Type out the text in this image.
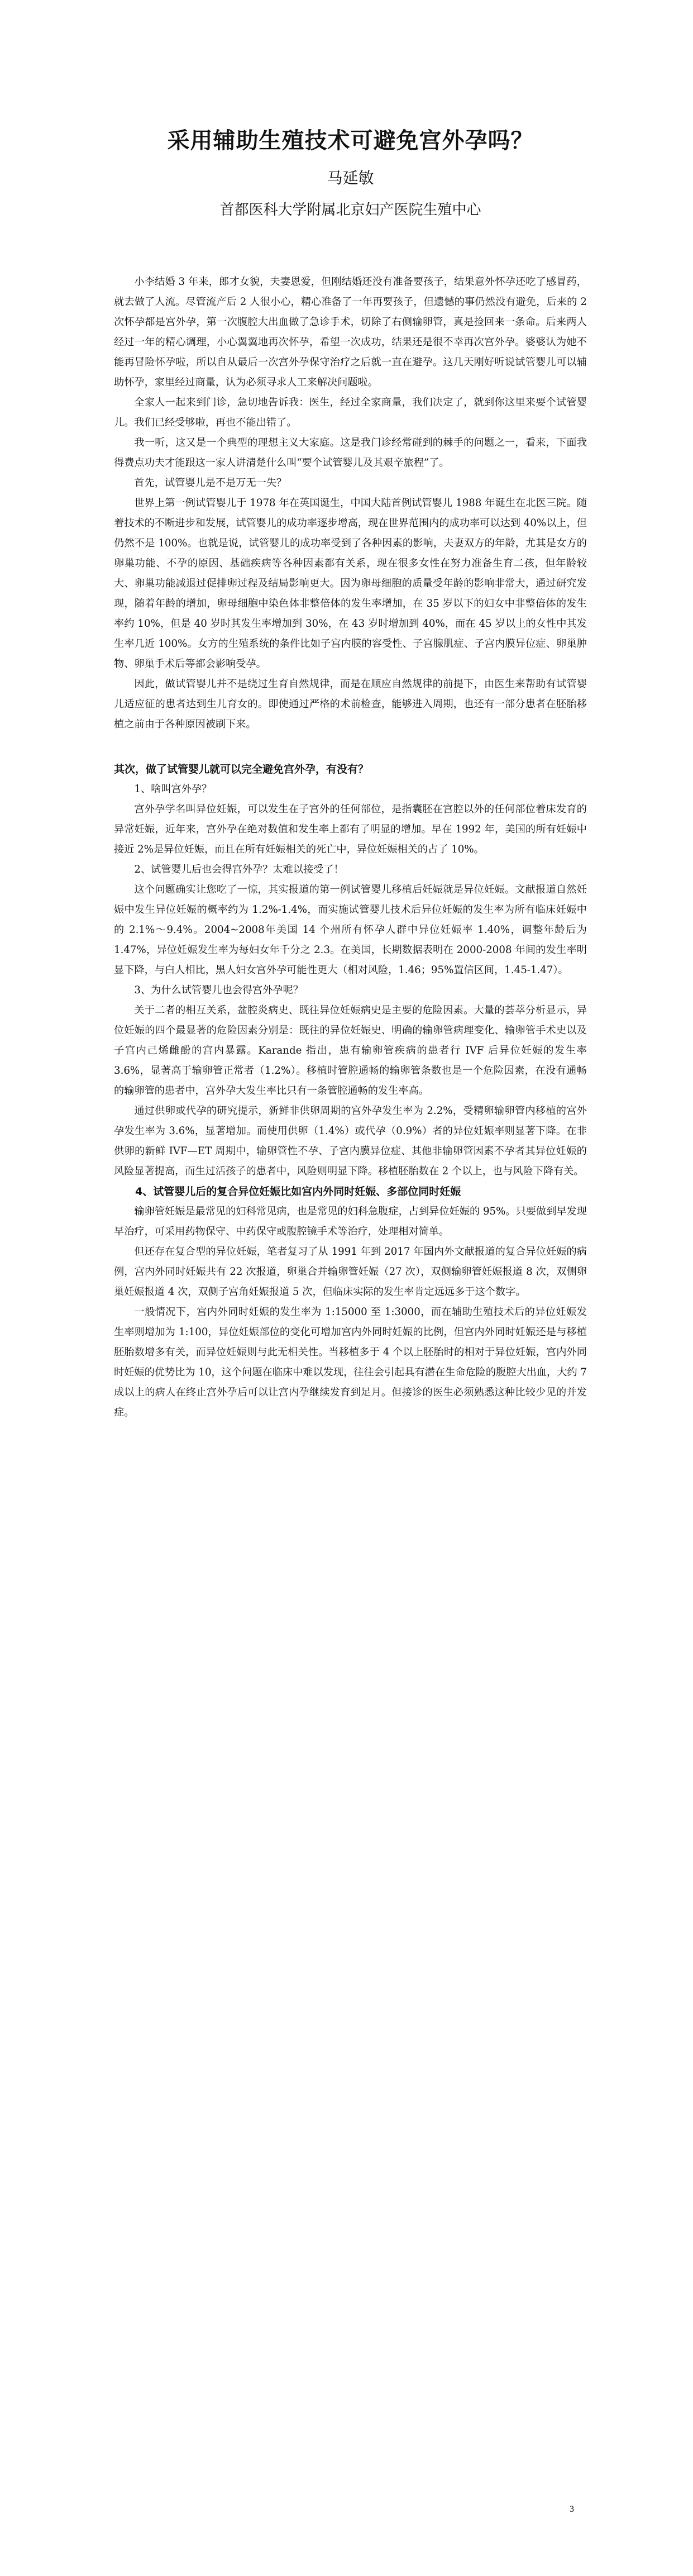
采用辅助生殖技术可避免宫外孕吗？
马延敏
首都医科大学附属北京妇产医院生殖中心

小李结婚 3 年来，郎才女貌，夫妻恩爱，但刚结婚还没有准备要孩子，结果意外怀孕还吃了感冒药，就去做了人流。尽管流产后 2 人很小心，精心准备了一年再要孩子，但遗憾的事仍然没有避免，后来的 2 次怀孕都是宫外孕，第一次腹腔大出血做了急诊手术，切除了右侧输卵管，真是捡回来一条命。后来两人经过一年的精心调理，小心翼翼地再次怀孕，希望一次成功，结果还是很不幸再次宫外孕。婆婆认为她不能再冒险怀孕啦，所以自从最后一次宫外孕保守治疗之后就一直在避孕。这几天刚好听说试管婴儿可以辅助怀孕，家里经过商量，认为必须寻求人工来解决问题啦。

全家人一起来到门诊，急切地告诉我：医生，经过全家商量，我们决定了，就到你这里来要个试管婴儿。我们已经受够啦，再也不能出错了。

我一听，这又是一个典型的理想主义大家庭。这是我门诊经常碰到的棘手的问题之一，看来，下面我得费点功夫才能跟这一家人讲清楚什么叫“要个试管婴儿及其艰辛旅程”了。

首先，试管婴儿是不是万无一失？

世界上第一例试管婴儿于 1978 年在英国诞生，中国大陆首例试管婴儿 1988 年诞生在北医三院。随着技术的不断进步和发展，试管婴儿的成功率逐步增高，现在世界范围内的成功率可以达到 40%以上，但仍然不是 100%。也就是说，试管婴儿的成功率受到了各种因素的影响，夫妻双方的年龄，尤其是女方的卵巢功能、不孕的原因、基础疾病等各种因素都有关系，现在很多女性在努力准备生育二孩，但年龄较大、卵巢功能减退过促排卵过程及结局影响更大。因为卵母细胞的质量受年龄的影响非常大，通过研究发现，随着年龄的增加，卵母细胞中染色体非整倍体的发生率增加，在 35 岁以下的妇女中非整倍体的发生率约 10%，但是 40 岁时其发生率增加到 30%，在 43 岁时增加到 40%，而在 45 岁以上的女性中其发生率几近 100%。女方的生殖系统的条件比如子宫内膜的容受性、子宫腺肌症、子宫内膜异位症、卵巢肿物、卵巢手术后等都会影响受孕。

因此，做试管婴儿并不是绕过生育自然规律，而是在顺应自然规律的前提下，由医生来帮助有试管婴儿适应征的患者达到生儿育女的。即使通过严格的术前检查，能够进入周期，也还有一部分患者在胚胎移植之前由于各种原因被刷下来。

其次，做了试管婴儿就可以完全避免宫外孕，有没有？
1、啥叫宫外孕？

宫外孕学名叫异位妊娠，可以发生在子宫外的任何部位，是指囊胚在宫腔以外的任何部位着床发育的异常妊娠，近年来，宫外孕在绝对数值和发生率上都有了明显的增加。早在 1992 年，美国的所有妊娠中接近 2%是异位妊娠，而且在所有妊娠相关的死亡中，异位妊娠相关的占了 10%。

2、试管婴儿后也会得宫外孕？太难以接受了！

这个问题确实让您吃了一惊，其实报道的第一例试管婴儿移植后妊娠就是异位妊娠。文献报道自然妊娠中发生异位妊娠的概率约为 1.2%-1.4%，而实施试管婴儿技术后异位妊娠的发生率为所有临床妊娠中的 2.1%～9.4%。2004~2008年美国 14 个州所有怀孕人群中异位妊娠率 1.40%，调整年龄后为 1.47%，异位妊娠发生率为每妇女年千分之 2.3。在美国，长期数据表明在 2000-2008 年间的发生率明显下降，与白人相比，黑人妇女宫外孕可能性更大（相对风险，1.46；95%置信区间，1.45-1.47）。

3、为什么试管婴儿也会得宫外孕呢？

关于二者的相互关系，盆腔炎病史、既往异位妊娠病史是主要的危险因素。大量的荟萃分析显示，异位妊娠的四个最显著的危险因素分别是：既往的异位妊娠史、明确的输卵管病理变化、输卵管手术史以及子宫内己烯雌酚的宫内暴露。Karande 指出，患有输卵管疾病的患者行 IVF 后异位妊娠的发生率 3.6%，显著高于输卵管正常者（1.2%）。移植时管腔通畅的输卵管条数也是一个危险因素，在没有通畅的输卵管的患者中，宫外孕大发生率比只有一条管腔通畅的发生率高。

通过供卵或代孕的研究提示，新鲜非供卵周期的宫外孕发生率为 2.2%，受精卵输卵管内移植的宫外孕发生率为 3.6%，显著增加。而使用供卵（1.4%）或代孕（0.9%）者的异位妊娠率则显著下降。在非供卵的新鲜 IVF—ET 周期中，输卵管性不孕、子宫内膜异位症、其他非输卵管因素不孕者其异位妊娠的风险显著提高，而生过活孩子的患者中，风险则明显下降。移植胚胎数在 2 个以上，也与风险下降有关。

4、试管婴儿后的复合异位妊娠比如宫内外同时妊娠、多部位同时妊娠

输卵管妊娠是最常见的妇科常见病，也是常见的妇科急腹症，占到异位妊娠的 95%。只要做到早发现早治疗，可采用药物保守、中药保守或腹腔镜手术等治疗，处理相对简单。

但还存在复合型的异位妊娠，笔者复习了从 1991 年到 2017 年国内外文献报道的复合异位妊娠的病例，宫内外同时妊娠共有 22 次报道，卵巢合并输卵管妊娠（27 次），双侧输卵管妊娠报道 8 次，双侧卵巢妊娠报道 4 次，双侧子宫角妊娠报道 5 次，但临床实际的发生率肯定远远多于这个数字。

一般情况下，宫内外同时妊娠的发生率为 1:15000 至 1:3000，而在辅助生殖技术后的异位妊娠发生率则增加为 1:100，异位妊娠部位的变化可增加宫内外同时妊娠的比例，但宫内外同时妊娠还是与移植胚胎数增多有关，而异位妊娠则与此无相关性。当移植多于 4 个以上胚胎时的相对于异位妊娠，宫内外同时妊娠的优势比为 10，这个问题在临床中难以发现，往往会引起具有潜在生命危险的腹腔大出血，大约 7 成以上的病人在终止宫外孕后可以让宫内孕继续发育到足月。但接诊的医生必须熟悉这种比较少见的并发症。

3
